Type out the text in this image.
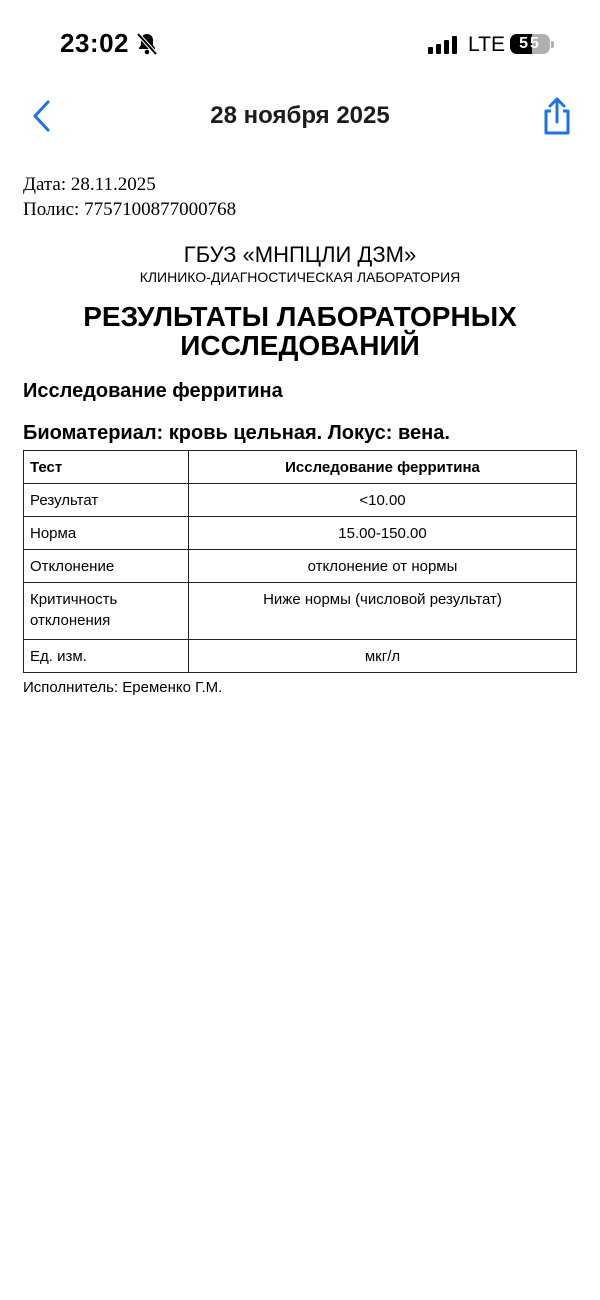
23:02	LTE 55
28 ноября 2025
Дата: 28.11.2025
Полис: 7757100877000768
ГБУЗ «МНПЦЛИ ДЗМ»
КЛИНИКО-ДИАГНОСТИЧЕСКАЯ ЛАБОРАТОРИЯ
РЕЗУЛЬТАТЫ ЛАБОРАТОРНЫХ
ИССЛЕДОВАНИЙ
Исследование ферритина
Биоматериал: кровь цельная. Локус: вена.
Тест	Исследование ферритина
Результат	<10.00
Норма	15.00-150.00
Отклонение	отклонение от нормы
Критичность отклонения	Ниже нормы (числовой результат)
Ед. изм.	мкг/л
Исполнитель: Еременко Г.М.
